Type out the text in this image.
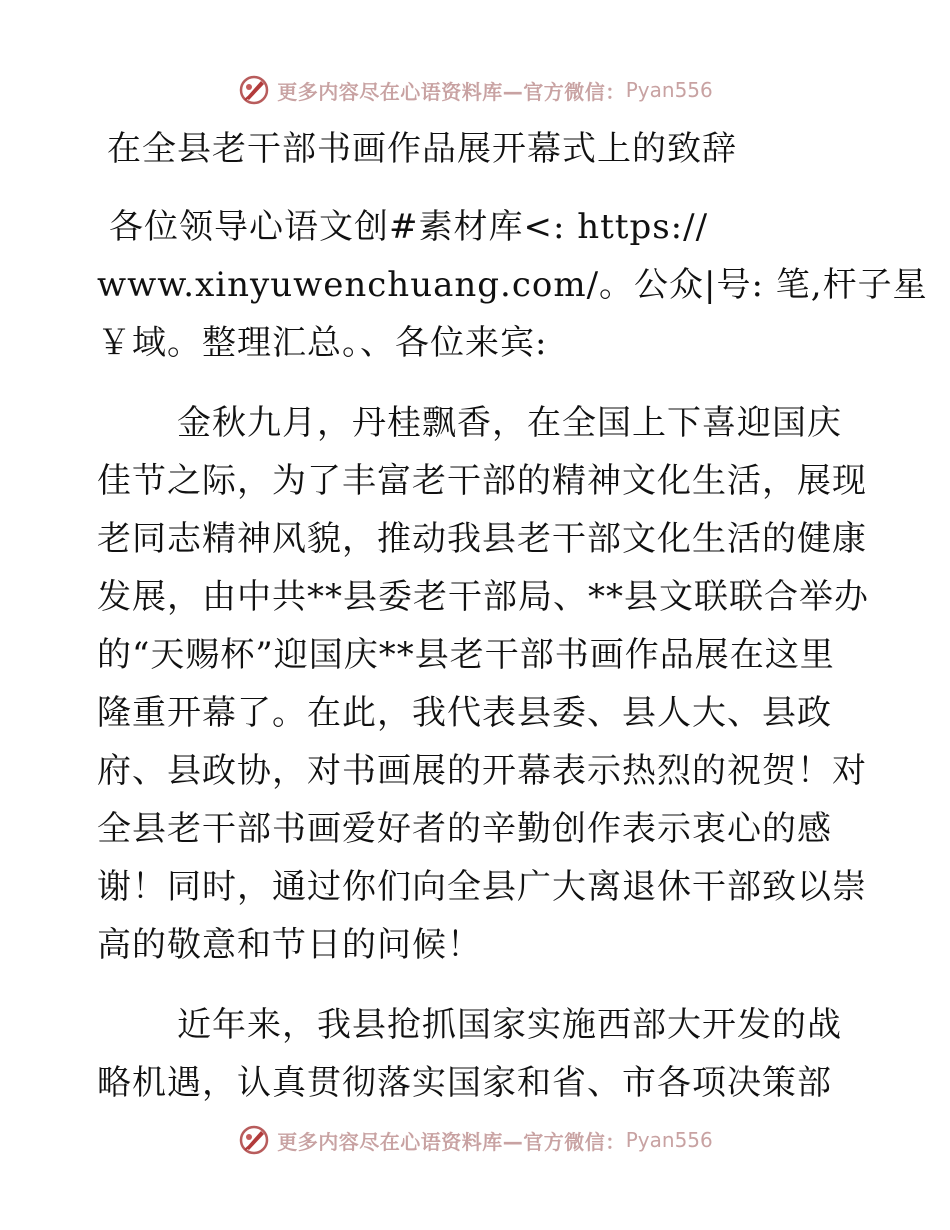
更多内容尽在心语资料库—官方微信： Pyan556
在全县老干部书画作品展开幕式上的致辞
各位领导心语文创#素材库<: https://
www.xinyuwenchuang.com/。公众|号: 笔,杆子星
￥域。整理汇总。、各位来宾:
金秋九月，丹桂飘香，在全国上下喜迎国庆
佳节之际，为了丰富老干部的精神文化生活，展现
老同志精神风貌，推动我县老干部文化生活的健康
发展，由中共**县委老干部局、**县文联联合举办
的“天赐杯”迎国庆**县老干部书画作品展在这里
隆重开幕了。在此，我代表县委、县人大、县政
府、县政协，对书画展的开幕表示热烈的祝贺！对
全县老干部书画爱好者的辛勤创作表示衷心的感
谢！同时，通过你们向全县广大离退休干部致以崇
高的敬意和节日的问候！
近年来，我县抢抓国家实施西部大开发的战
略机遇，认真贯彻落实国家和省、市各项决策部
更多内容尽在心语资料库—官方微信： Pyan556
